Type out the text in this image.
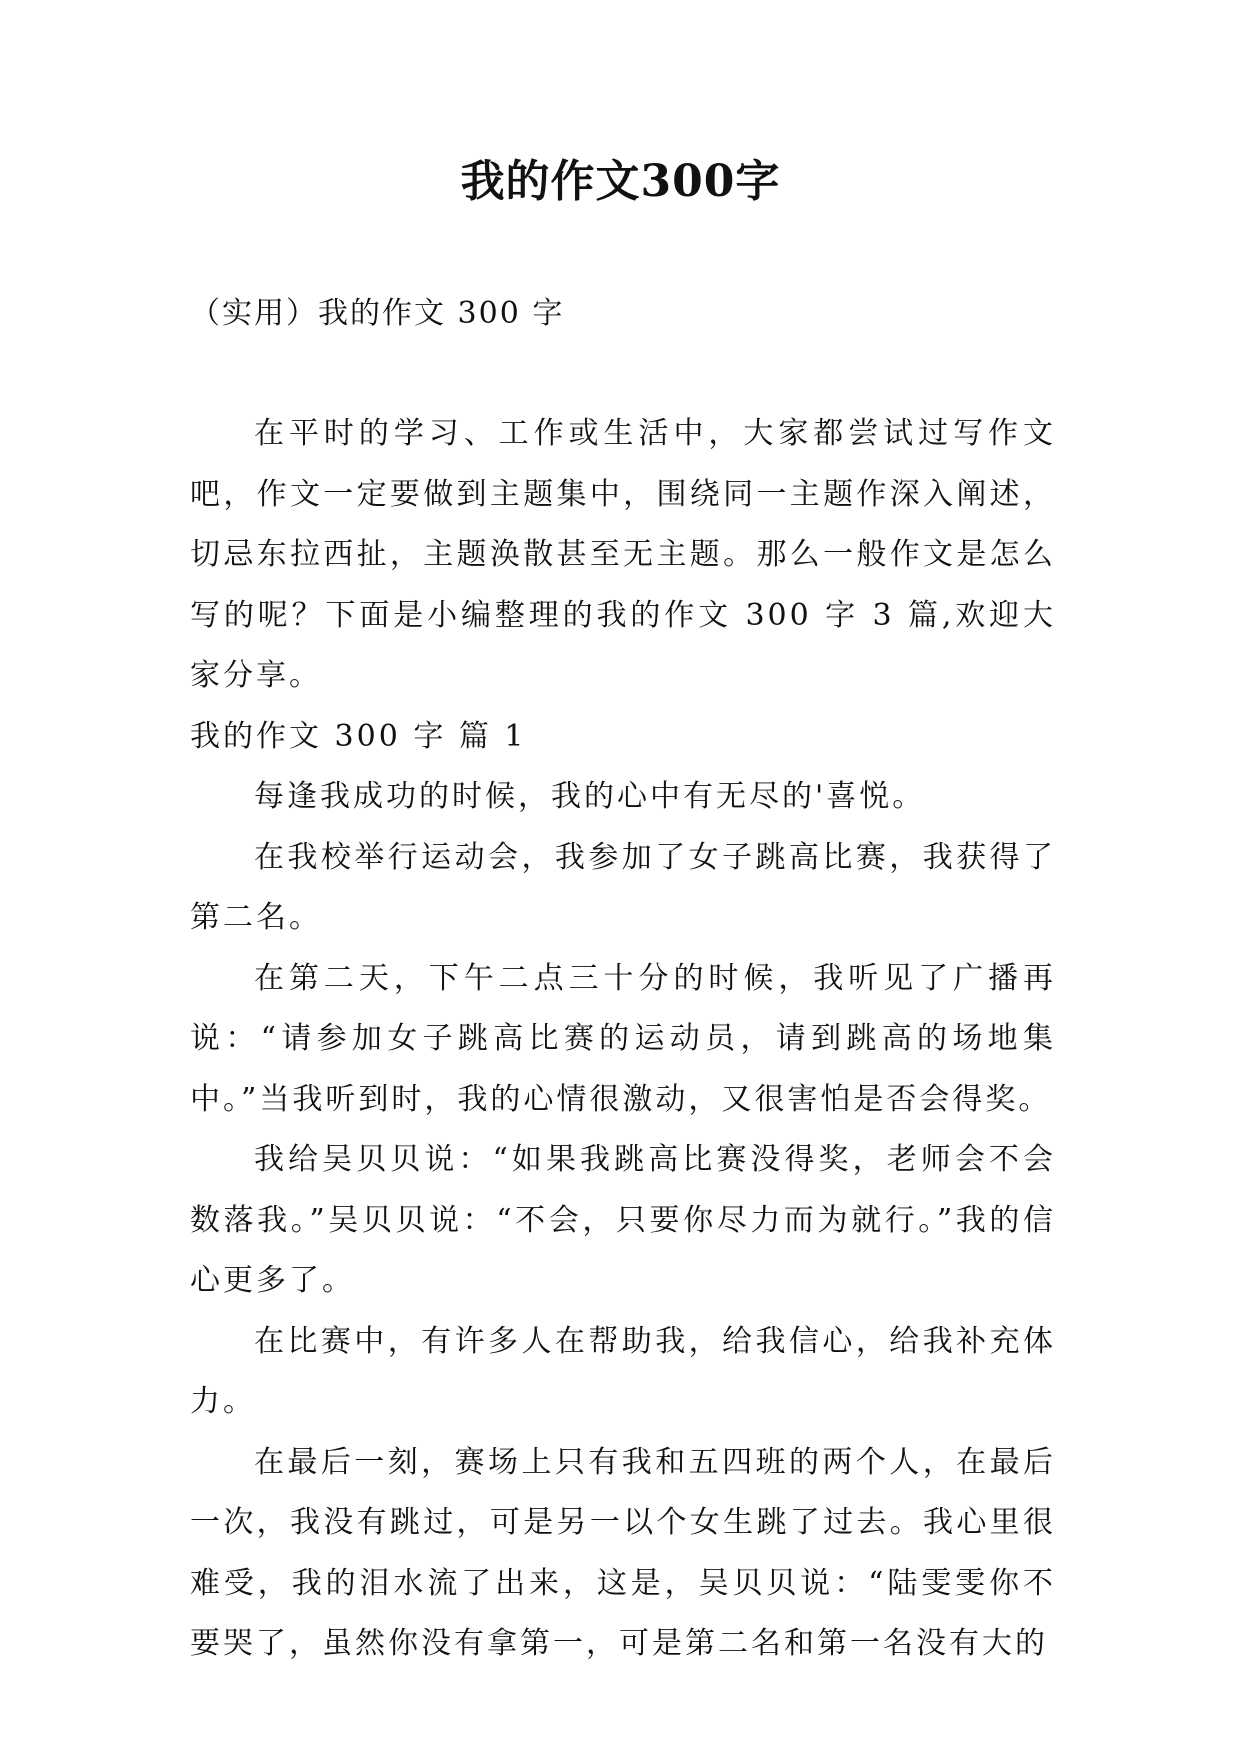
我的作文300字
（实用）我的作文 300 字

在平时的学习、工作或生活中，大家都尝试过写作文吧，作文一定要做到主题集中，围绕同一主题作深入阐述，切忌东拉西扯，主题涣散甚至无主题。那么一般作文是怎么写的呢？下面是小编整理的我的作文 300 字 3 篇,欢迎大家分享。

我的作文 300 字 篇 1

每逢我成功的时候，我的心中有无尽的'喜悦。

在我校举行运动会，我参加了女子跳高比赛，我获得了第二名。

在第二天，下午二点三十分的时候，我听见了广播再说：“请参加女子跳高比赛的运动员，请到跳高的场地集中。”当我听到时，我的心情很激动，又很害怕是否会得奖。

我给吴贝贝说：“如果我跳高比赛没得奖，老师会不会数落我。”吴贝贝说：“不会，只要你尽力而为就行。”我的信心更多了。

在比赛中，有许多人在帮助我，给我信心，给我补充体力。

在最后一刻，赛场上只有我和五四班的两个人，在最后一次，我没有跳过，可是另一以个女生跳了过去。我心里很难受，我的泪水流了出来，这是，吴贝贝说：“陆雯雯你不要哭了，虽然你没有拿第一，可是第二名和第一名没有大的
